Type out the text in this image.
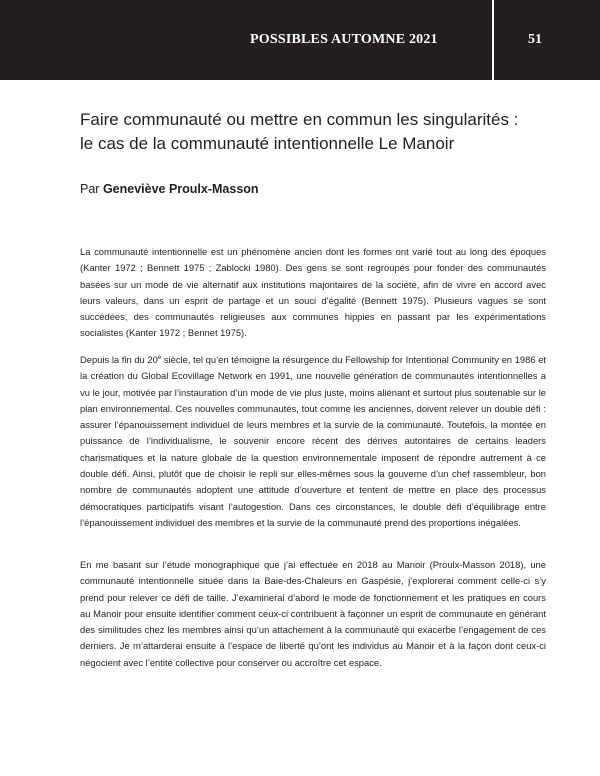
POSSIBLES AUTOMNE 2021	51
Faire communauté ou mettre en commun les singularités :
le cas de la communauté intentionnelle Le Manoir
Par Geneviève Proulx-Masson

La communauté intentionnelle est un phénomène ancien dont les formes ont varié tout au long des époques (Kanter 1972 ; Bennett 1975 ; Zablocki 1980). Des gens se sont regroupés pour fonder des communautés basées sur un mode de vie alternatif aux institutions majoritaires de la société, afin de vivre en accord avec leurs valeurs, dans un esprit de partage et un souci d’égalité (Bennett 1975). Plusieurs vagues se sont succédées, des communautés religieuses aux communes hippies en passant par les expérimentations socialistes (Kanter 1972 ; Bennet 1975).

Depuis la fin du 20e siècle, tel qu’en témoigne la résurgence du Fellowship for Intentional Community en 1986 et la création du Global Ecovillage Network en 1991, une nouvelle génération de communautés intentionnelles a vu le jour, motivée par l’instauration d’un mode de vie plus juste, moins aliénant et surtout plus soutenable sur le plan environnemental. Ces nouvelles communautés, tout comme les anciennes, doivent relever un double défi : assurer l’épanouissement individuel de leurs membres et la survie de la communauté. Toutefois, la montée en puissance de l’individualisme, le souvenir encore récent des dérives autoritaires de certains leaders charismatiques et la nature globale de la question environnementale imposent de répondre autrement à ce double défi. Ainsi, plutôt que de choisir le repli sur elles-mêmes sous la gouverne d’un chef rassembleur, bon nombre de communautés adoptent une attitude d’ouverture et tentent de mettre en place des processus démocratiques participatifs visant l’autogestion. Dans ces circonstances, le double défi d’équilibrage entre l’épanouissement individuel des membres et la survie de la communauté prend des proportions inégalées.

En me basant sur l’étude monographique que j’ai effectuée en 2018 au Manoir (Proulx-Masson 2018), une communauté intentionnelle située dans la Baie-des-Chaleurs en Gaspésie, j’explorerai comment celle-ci s’y prend pour relever ce défi de taille. J’examinerai d’abord le mode de fonctionnement et les pratiques en cours au Manoir pour ensuite identifier comment ceux-ci contribuent à façonner un esprit de communauté en générant des similitudes chez les membres ainsi qu’un attachement à la communauté qui exacerbe l’engagement de ces derniers. Je m’attarderai ensuite à l’espace de liberté qu’ont les individus au Manoir et à la façon dont ceux-ci négocient avec l’entité collective pour conserver ou accroître cet espace.
